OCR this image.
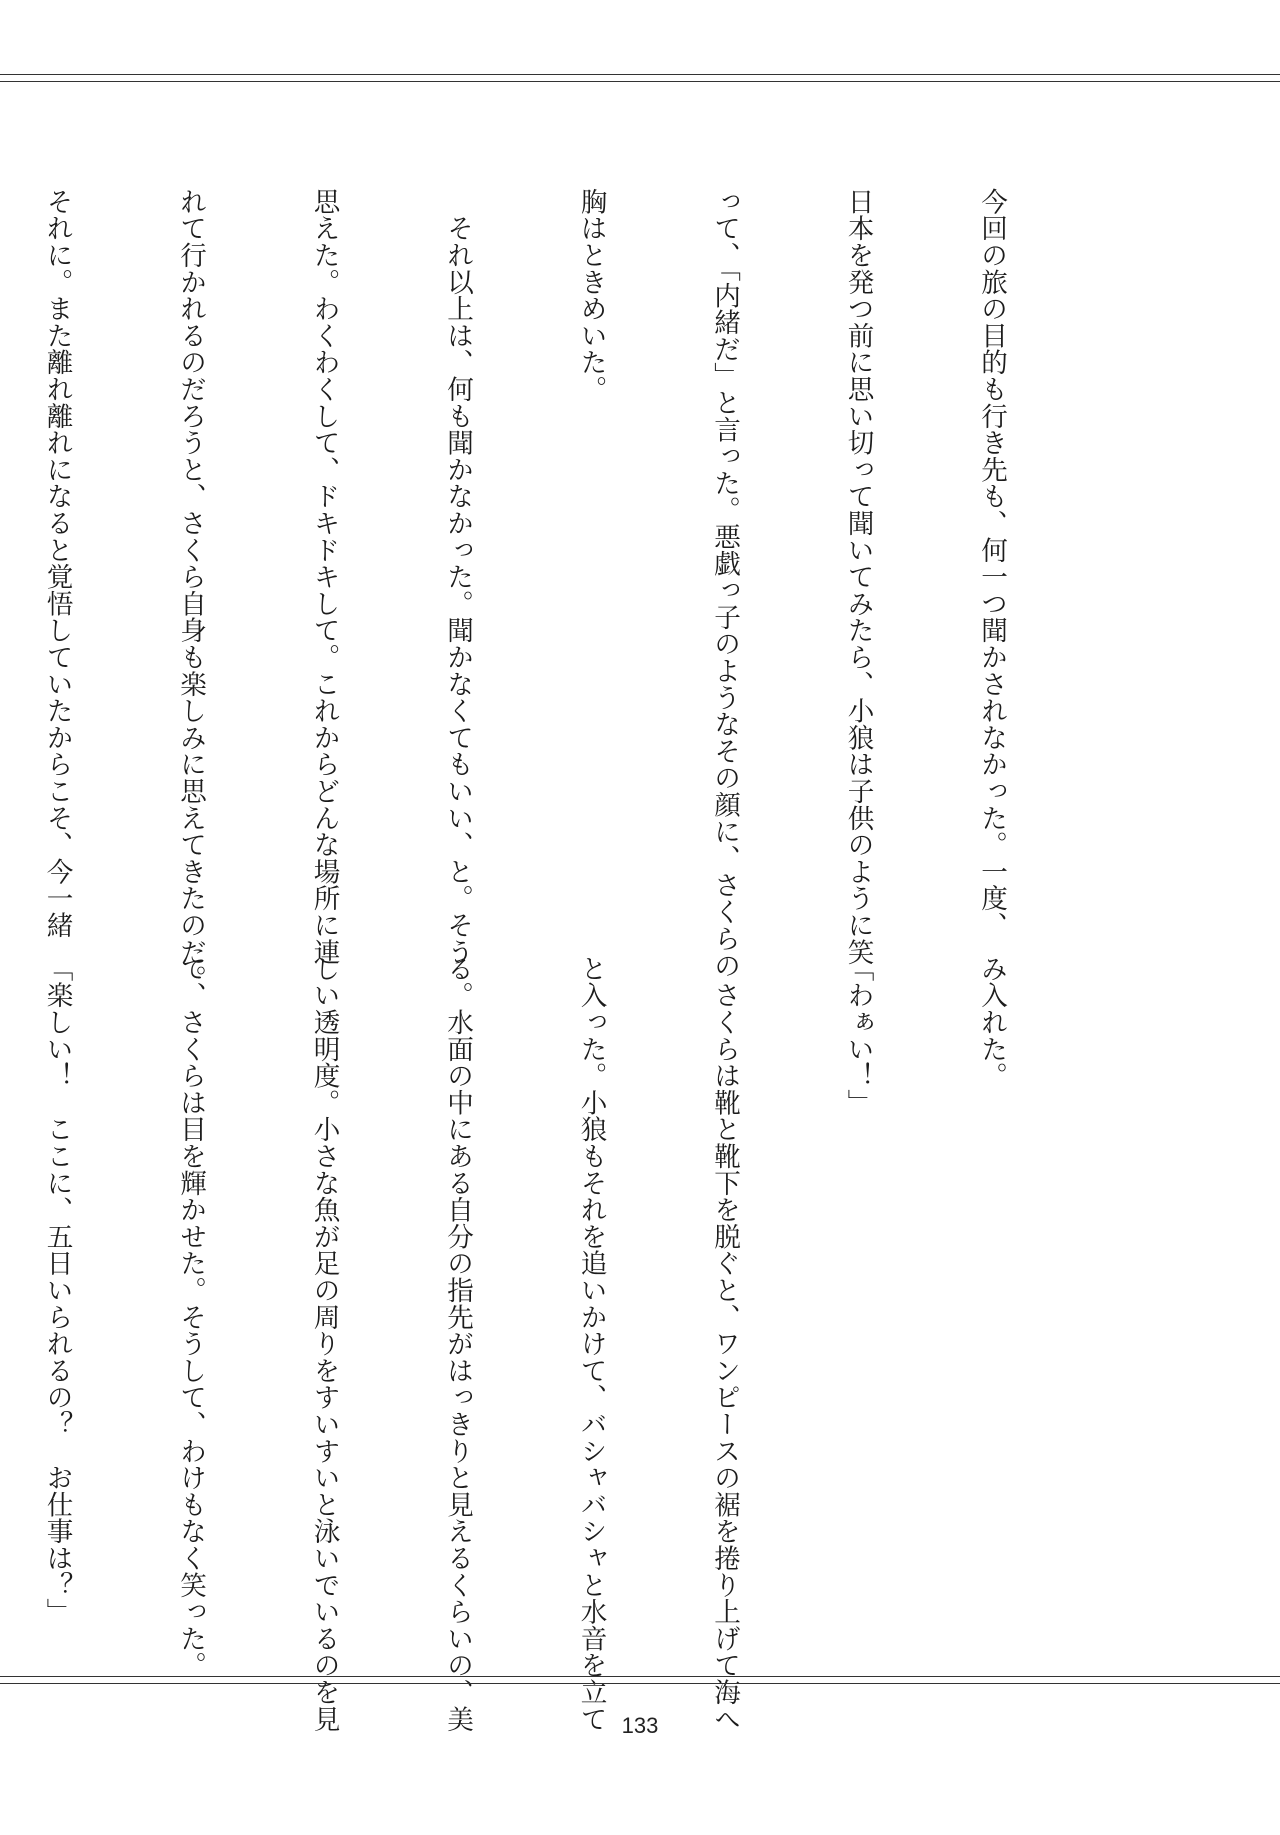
今回の旅の目的も行き先も、何一つ聞かされなかった。一度、

日本を発つ前に思い切って聞いてみたら、小狼は子供のように笑

って、「内緒だ」と言った。悪戯っ子のようなその顔に、さくらの

胸はときめいた。

　それ以上は、何も聞かなかった。聞かなくてもいい、と。そう

思えた。わくわくして、ドキドキして。これからどんな場所に連

れて行かれるのだろうと、さくら自身も楽しみに思えてきたのだ。

それに。また離れ離れになると覚悟していたからこそ、今一緒

み入れた。

「わぁい！」

　さくらは靴と靴下を脱ぐと、ワンピースの裾を捲り上げて海へ

と入った。小狼もそれを追いかけて、バシャバシャと水音を立て

る。水面の中にある自分の指先がはっきりと見えるくらいの、美

しい透明度。小さな魚が足の周りをすいすいと泳いでいるのを見

て、さくらは目を輝かせた。そうして、わけもなく笑った。

「楽しい！　ここに、五日いられるの？　お仕事は？」

133
